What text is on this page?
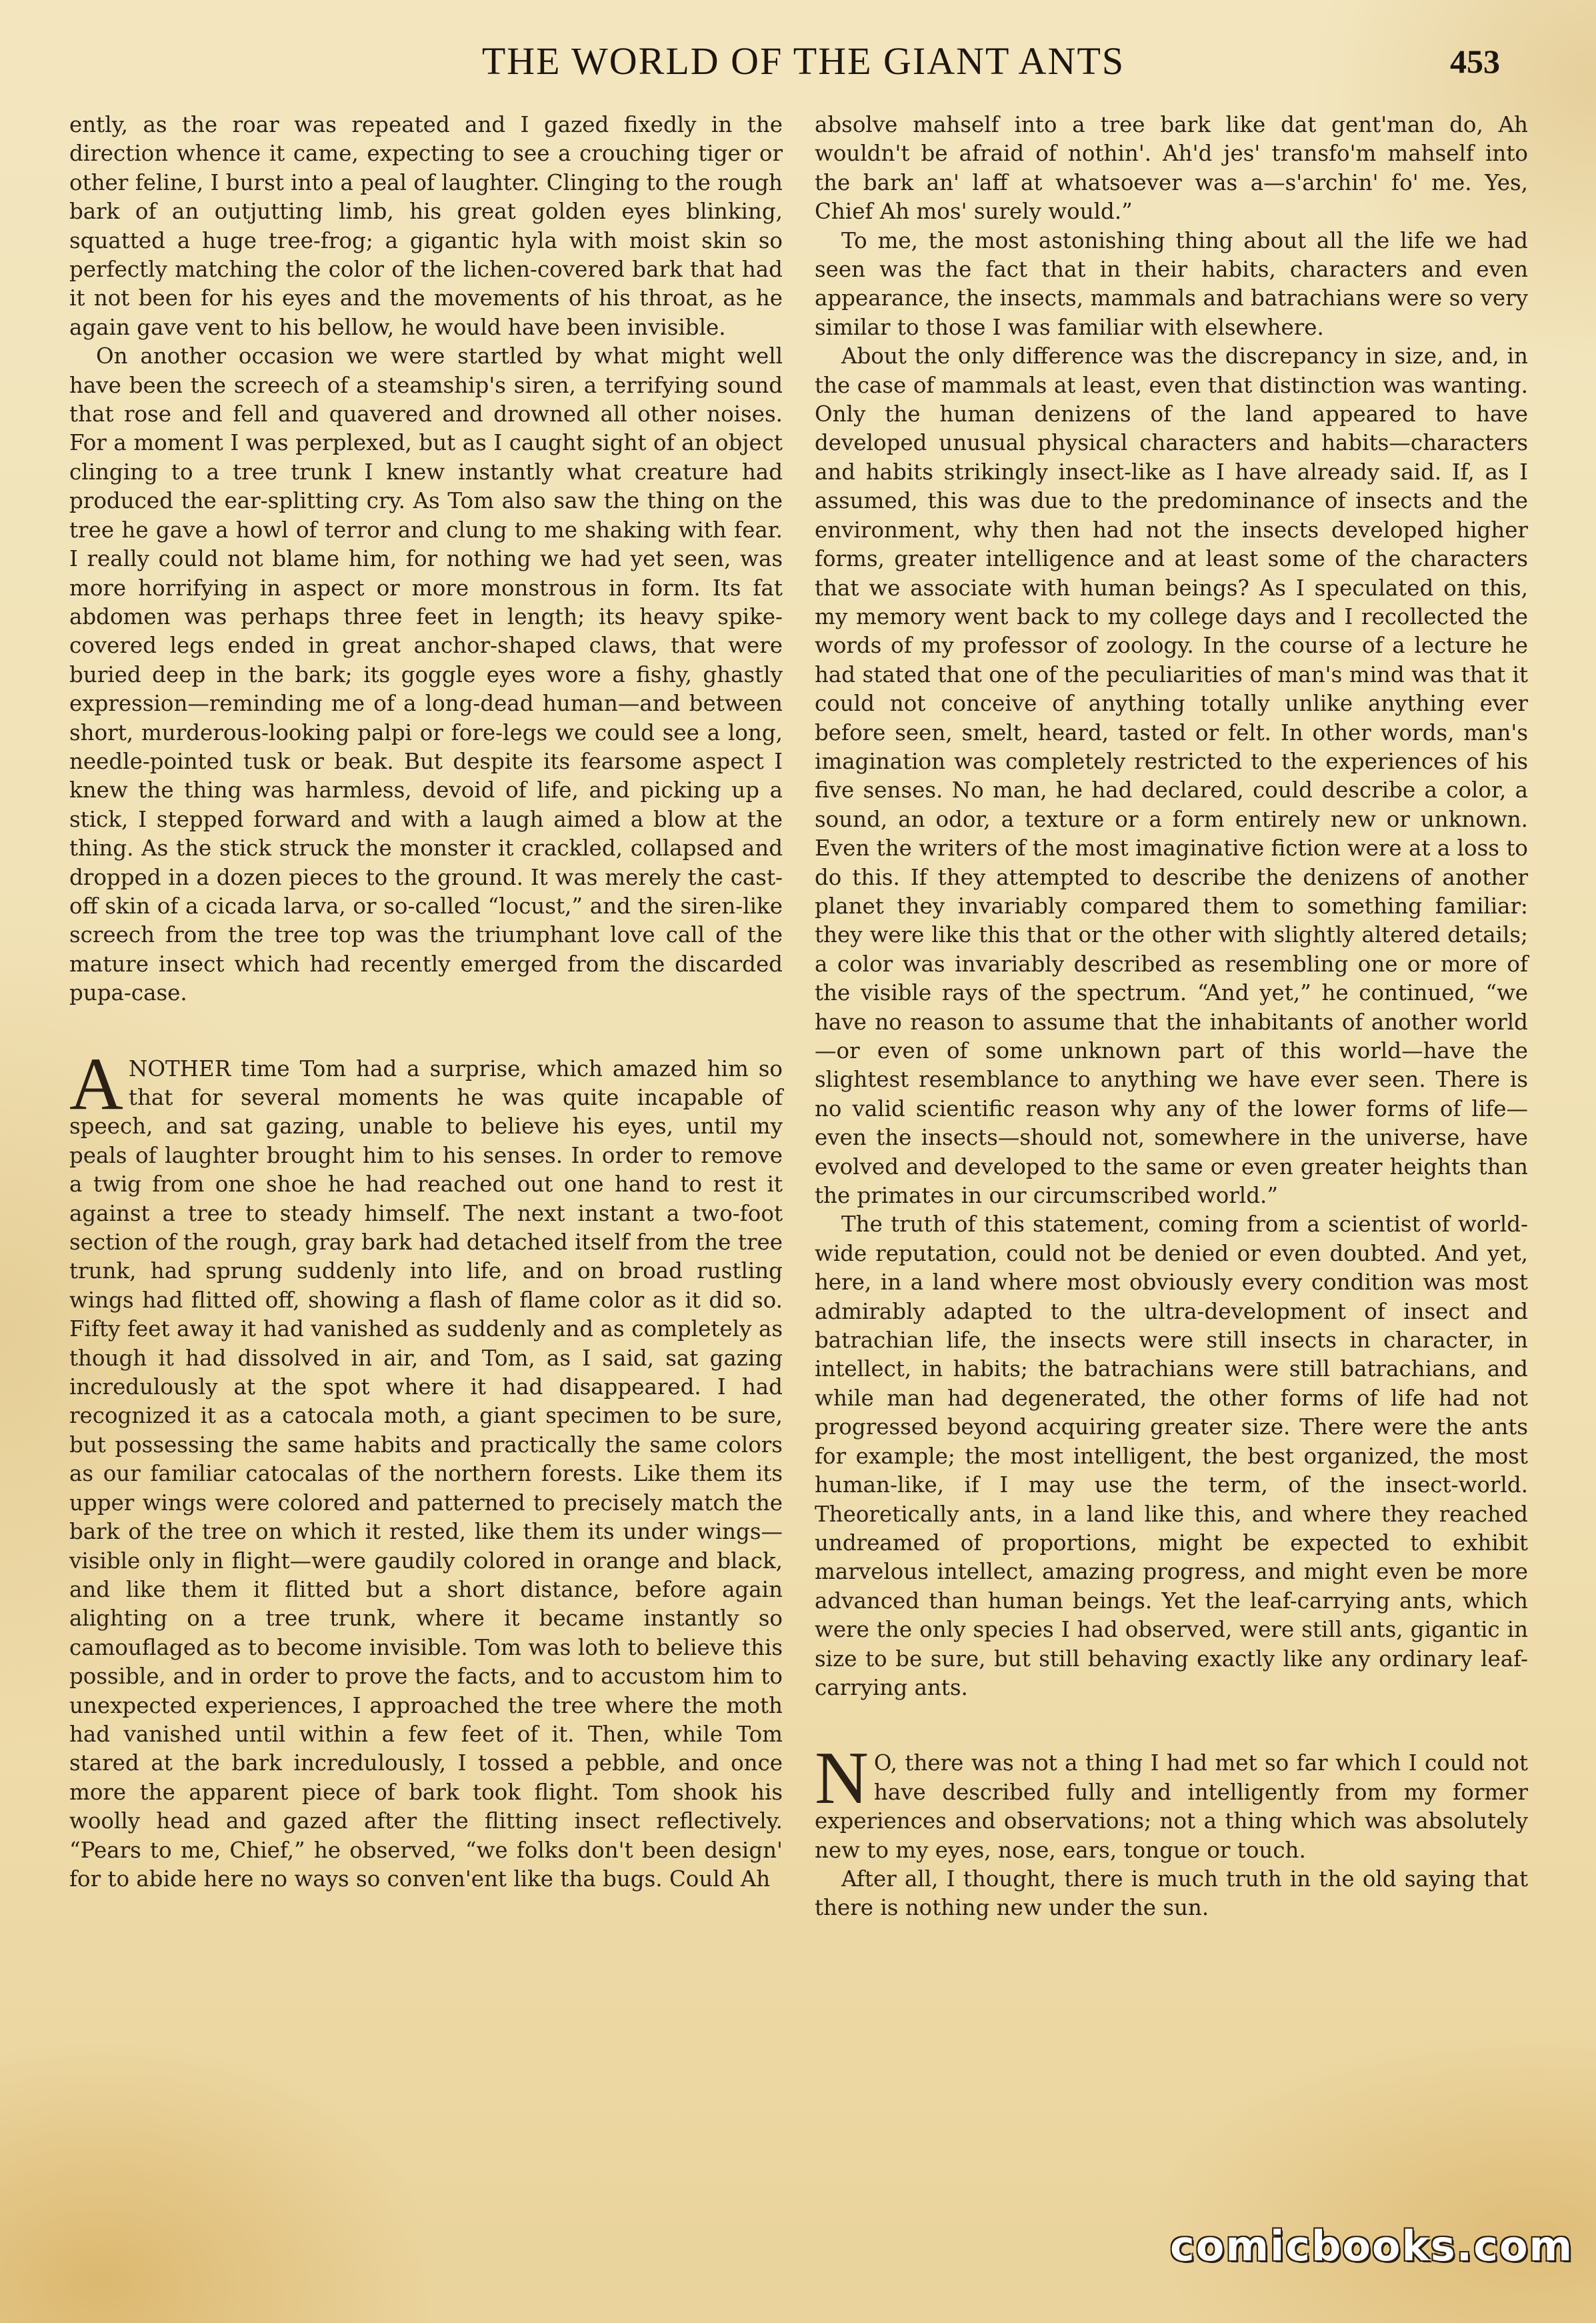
THE WORLD OF THE GIANT ANTS	453

ently, as the roar was repeated and I gazed fixedly in the direction whence it came, expecting to see a crouching tiger or other feline, I burst into a peal of laughter. Clinging to the rough bark of an outjutting limb, his great golden eyes blinking, squatted a huge tree-frog; a gigantic hyla with moist skin so perfectly matching the color of the lichen-covered bark that had it not been for his eyes and the movements of his throat, as he again gave vent to his bellow, he would have been invisible.

On another occasion we were startled by what might well have been the screech of a steamship's siren, a terrifying sound that rose and fell and quavered and drowned all other noises. For a moment I was perplexed, but as I caught sight of an object clinging to a tree trunk I knew instantly what creature had produced the ear-splitting cry. As Tom also saw the thing on the tree he gave a howl of terror and clung to me shaking with fear. I really could not blame him, for nothing we had yet seen, was more horrifying in aspect or more monstrous in form. Its fat abdomen was perhaps three feet in length; its heavy spike-covered legs ended in great anchor-shaped claws, that were buried deep in the bark; its goggle eyes wore a fishy, ghastly expression—reminding me of a long-dead human—and between short, murderous-looking palpi or fore-legs we could see a long, needle-pointed tusk or beak. But despite its fearsome aspect I knew the thing was harmless, devoid of life, and picking up a stick, I stepped forward and with a laugh aimed a blow at the thing. As the stick struck the monster it crackled, collapsed and dropped in a dozen pieces to the ground. It was merely the cast-off skin of a cicada larva, or so-called “locust,” and the siren-like screech from the tree top was the triumphant love call of the mature insect which had recently emerged from the discarded pupa-case.

ANOTHER time Tom had a surprise, which amazed him so that for several moments he was quite incapable of speech, and sat gazing, unable to believe his eyes, until my peals of laughter brought him to his senses. In order to remove a twig from one shoe he had reached out one hand to rest it against a tree to steady himself. The next instant a two-foot section of the rough, gray bark had detached itself from the tree trunk, had sprung suddenly into life, and on broad rustling wings had flitted off, showing a flash of flame color as it did so. Fifty feet away it had vanished as suddenly and as completely as though it had dissolved in air, and Tom, as I said, sat gazing incredulously at the spot where it had disappeared. I had recognized it as a catocala moth, a giant specimen to be sure, but possessing the same habits and practically the same colors as our familiar catocalas of the northern forests. Like them its upper wings were colored and patterned to precisely match the bark of the tree on which it rested, like them its under wings—visible only in flight—were gaudily colored in orange and black, and like them it flitted but a short distance, before again alighting on a tree trunk, where it became instantly so camouflaged as to become invisible. Tom was loth to believe this possible, and in order to prove the facts, and to accustom him to unexpected experiences, I approached the tree where the moth had vanished until within a few feet of it. Then, while Tom stared at the bark incredulously, I tossed a pebble, and once more the apparent piece of bark took flight. Tom shook his woolly head and gazed after the flitting insect reflectively. “Pears to me, Chief,” he observed, “we folks don't been design' for to abide here no ways so conven'ent like tha bugs. Could Ah

absolve mahself into a tree bark like dat gent'man do, Ah wouldn't be afraid of nothin'. Ah'd jes' transfo'm mahself into the bark an' laff at whatsoever was a—s'archin' fo' me. Yes, Chief Ah mos' surely would.”

To me, the most astonishing thing about all the life we had seen was the fact that in their habits, characters and even appearance, the insects, mammals and batrachians were so very similar to those I was familiar with elsewhere.

About the only difference was the discrepancy in size, and, in the case of mammals at least, even that distinction was wanting. Only the human denizens of the land appeared to have developed unusual physical characters and habits—characters and habits strikingly insect-like as I have already said. If, as I assumed, this was due to the predominance of insects and the environment, why then had not the insects developed higher forms, greater intelligence and at least some of the characters that we associate with human beings? As I speculated on this, my memory went back to my college days and I recollected the words of my professor of zoology. In the course of a lecture he had stated that one of the peculiarities of man's mind was that it could not conceive of anything totally unlike anything ever before seen, smelt, heard, tasted or felt. In other words, man's imagination was completely restricted to the experiences of his five senses. No man, he had declared, could describe a color, a sound, an odor, a texture or a form entirely new or unknown. Even the writers of the most imaginative fiction were at a loss to do this. If they attempted to describe the denizens of another planet they invariably compared them to something familiar: they were like this that or the other with slightly altered details; a color was invariably described as resembling one or more of the visible rays of the spectrum. “And yet,” he continued, “we have no reason to assume that the inhabitants of another world—or even of some unknown part of this world—have the slightest resemblance to anything we have ever seen. There is no valid scientific reason why any of the lower forms of life—even the insects—should not, somewhere in the universe, have evolved and developed to the same or even greater heights than the primates in our circumscribed world.”

The truth of this statement, coming from a scientist of world-wide reputation, could not be denied or even doubted. And yet, here, in a land where most obviously every condition was most admirably adapted to the ultra-development of insect and batrachian life, the insects were still insects in character, in intellect, in habits; the batrachians were still batrachians, and while man had degenerated, the other forms of life had not progressed beyond acquiring greater size. There were the ants for example; the most intelligent, the best organized, the most human-like, if I may use the term, of the insect-world. Theoretically ants, in a land like this, and where they reached undreamed of proportions, might be expected to exhibit marvelous intellect, amazing progress, and might even be more advanced than human beings. Yet the leaf-carrying ants, which were the only species I had observed, were still ants, gigantic in size to be sure, but still behaving exactly like any ordinary leaf-carrying ants.

NO, there was not a thing I had met so far which I could not have described fully and intelligently from my former experiences and observations; not a thing which was absolutely new to my eyes, nose, ears, tongue or touch.

After all, I thought, there is much truth in the old saying that there is nothing new under the sun.

comicbooks.com
